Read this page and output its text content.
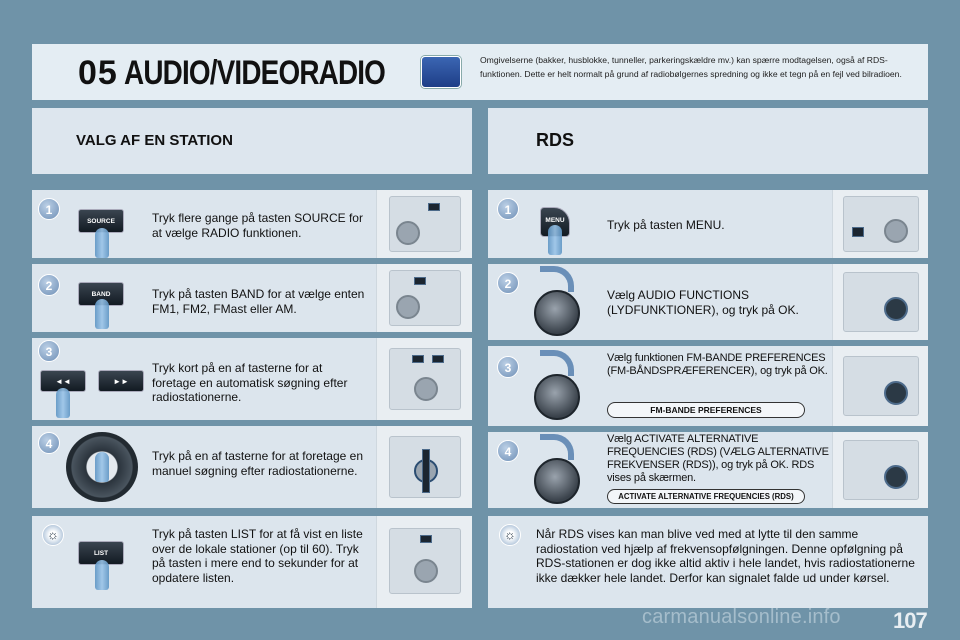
05 AUDIO/VIDEORADIO	Omgivelserne (bakker, husblokke, tunneller, parkeringskældre mv.) kan spærre modtagelsen, også af RDS-funktionen. Dette er helt normalt på grund af radiobølgernes spredning og ikke et tegn på en fejl ved bilradioen.
VALG AF EN STATION	RDS
1
SOURCE	Tryk flere gange på tasten SOURCE for at vælge RADIO funktionen.
2
BAND	Tryk på tasten BAND for at vælge enten FM1, FM2, FMast eller AM.
3
◄◄	►►
Tryk kort på en af tasterne for at foretage en automatisk søgning efter radiostationerne.
4
Tryk på en af tasterne for at foretage en manuel søgning efter radiostationerne.
☼
LIST
Tryk på tasten LIST for at få vist en liste over de lokale stationer (op til 60). Tryk på tasten i mere end to sekunder for at opdatere listen.
1
MENU	Tryk på tasten MENU.
2
Vælg AUDIO FUNCTIONS (LYDFUNKTIONER), og tryk på OK.
3
Vælg funktionen FM-BANDE PREFERENCES (FM-BÅNDSPRÆFERENCER), og tryk på OK.
FM-BANDE PREFERENCES
4
Vælg ACTIVATE ALTERNATIVE FREQUENCIES (RDS) (VÆLG ALTERNATIVE FREKVENSER (RDS)), og tryk på OK. RDS vises på skærmen.
ACTIVATE ALTERNATIVE FREQUENCIES (RDS)
☼	Når RDS vises kan man blive ved med at lytte til den samme radiostation ved hjælp af frekvensopfølgningen. Denne opfølgning på RDS-stationen er dog ikke altid aktiv i hele landet, hvis radiostationerne ikke dækker hele landet. Derfor kan signalet falde ud under kørsel.
carmanualsonline.info 107
